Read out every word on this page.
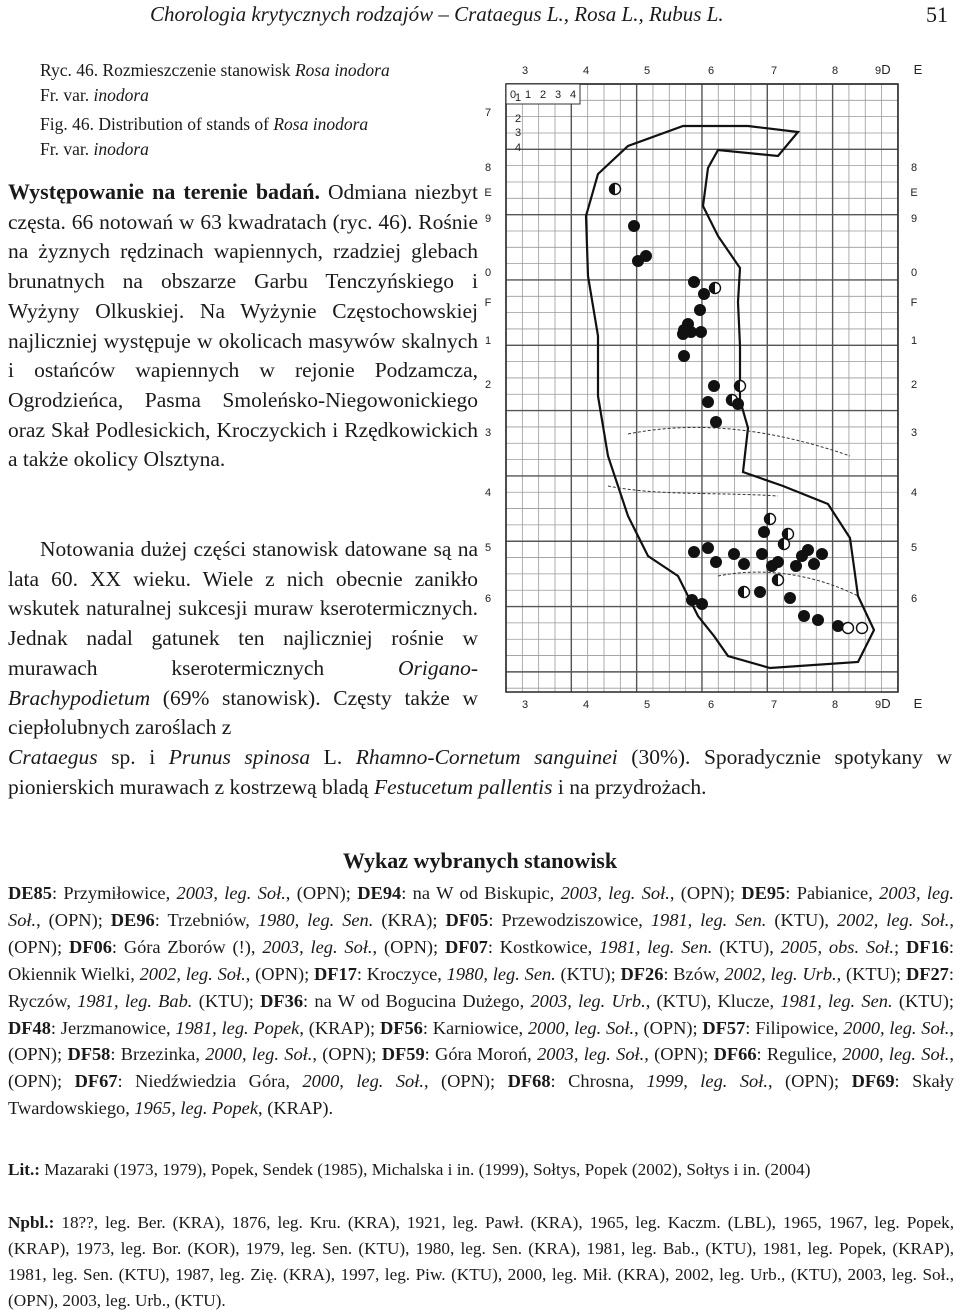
Chorologia krytycznych rodzajów – Crataegus L., Rosa L., Rubus L.	51

Ryc. 46. Rozmieszczenie stanowisk Rosa inodora
Fr. var. inodora

Fig. 46. Distribution of stands of Rosa inodora
Fr. var. inodora

0 1 2 3 4
3	4	5	6	7	8	9 D E
3	4	5	6	7	8	9 D E
7
1
2
3
4
8
E
9
0
F
1
2
3
4
5
6
8
E
9
0
F
1
2
3
4
5
6
Występowanie na terenie badań. Odmiana niezbyt częsta. 66 notowań w 63 kwadratach (ryc. 46). Rośnie na żyznych rędzinach wapiennych, rzadziej glebach brunatnych na obszarze Garbu Tenczyńskiego i Wyżyny Olkuskiej. Na Wyżynie Częstochowskiej najliczniej występuje w okolicach masywów skalnych i ostańców wapiennych w rejonie Podzamcza, Ogrodzieńca, Pasma Smoleńsko-Niegowonickiego oraz Skał Podlesickich, Kroczyckich i Rzędkowickich a także okolicy Olsztyna.
Notowania dużej części stanowisk datowane są na lata 60. XX wieku. Wiele z nich obecnie zanikło wskutek naturalnej sukcesji muraw kserotermicznych. Jednak nadal gatunek ten najliczniej rośnie w murawach kserotermicznych Origano-Brachypodietum (69% stanowisk). Częsty także w ciepłolubnych zaroślach z
Crataegus sp. i Prunus spinosa L. Rhamno-Cornetum sanguinei (30%). Sporadycznie spotykany w pionierskich murawach z kostrzewą bladą Festucetum pallentis i na przydrożach.
Wykaz wybranych stanowisk
DE85: Przymiłowice, 2003, leg. Soł., (OPN); DE94: na W od Biskupic, 2003, leg. Soł., (OPN); DE95: Pabianice, 2003, leg. Soł., (OPN); DE96: Trzebniów, 1980, leg. Sen. (KRA); DF05: Przewodziszowice, 1981, leg. Sen. (KTU), 2002, leg. Soł., (OPN); DF06: Góra Zborów (!), 2003, leg. Soł., (OPN); DF07: Kostkowice, 1981, leg. Sen. (KTU), 2005, obs. Soł.; DF16: Okiennik Wielki, 2002, leg. Soł., (OPN); DF17: Kroczyce, 1980, leg. Sen. (KTU); DF26: Bzów, 2002, leg. Urb., (KTU); DF27: Ryczów, 1981, leg. Bab. (KTU); DF36: na W od Bogucina Dużego, 2003, leg. Urb., (KTU), Klucze, 1981, leg. Sen. (KTU); DF48: Jerzmanowice, 1981, leg. Popek, (KRAP); DF56: Karniowice, 2000, leg. Soł., (OPN); DF57: Filipowice, 2000, leg. Soł., (OPN); DF58: Brzezinka, 2000, leg. Soł., (OPN); DF59: Góra Moroń, 2003, leg. Soł., (OPN); DF66: Regulice, 2000, leg. Soł., (OPN); DF67: Niedźwiedzia Góra, 2000, leg. Soł., (OPN); DF68: Chrosna, 1999, leg. Soł., (OPN); DF69: Skały Twardowskiego, 1965, leg. Popek, (KRAP).
Lit.: Mazaraki (1973, 1979), Popek, Sendek (1985), Michalska i in. (1999), Sołtys, Popek (2002), Sołtys i in. (2004)
Npbl.: 18??, leg. Ber. (KRA), 1876, leg. Kru. (KRA), 1921, leg. Pawł. (KRA), 1965, leg. Kaczm. (LBL), 1965, 1967, leg. Popek, (KRAP), 1973, leg. Bor. (KOR), 1979, leg. Sen. (KTU), 1980, leg. Sen. (KRA), 1981, leg. Bab., (KTU), 1981, leg. Popek, (KRAP), 1981, leg. Sen. (KTU), 1987, leg. Zię. (KRA), 1997, leg. Piw. (KTU), 2000, leg. Mił. (KRA), 2002, leg. Urb., (KTU), 2003, leg. Soł., (OPN), 2003, leg. Urb., (KTU).
